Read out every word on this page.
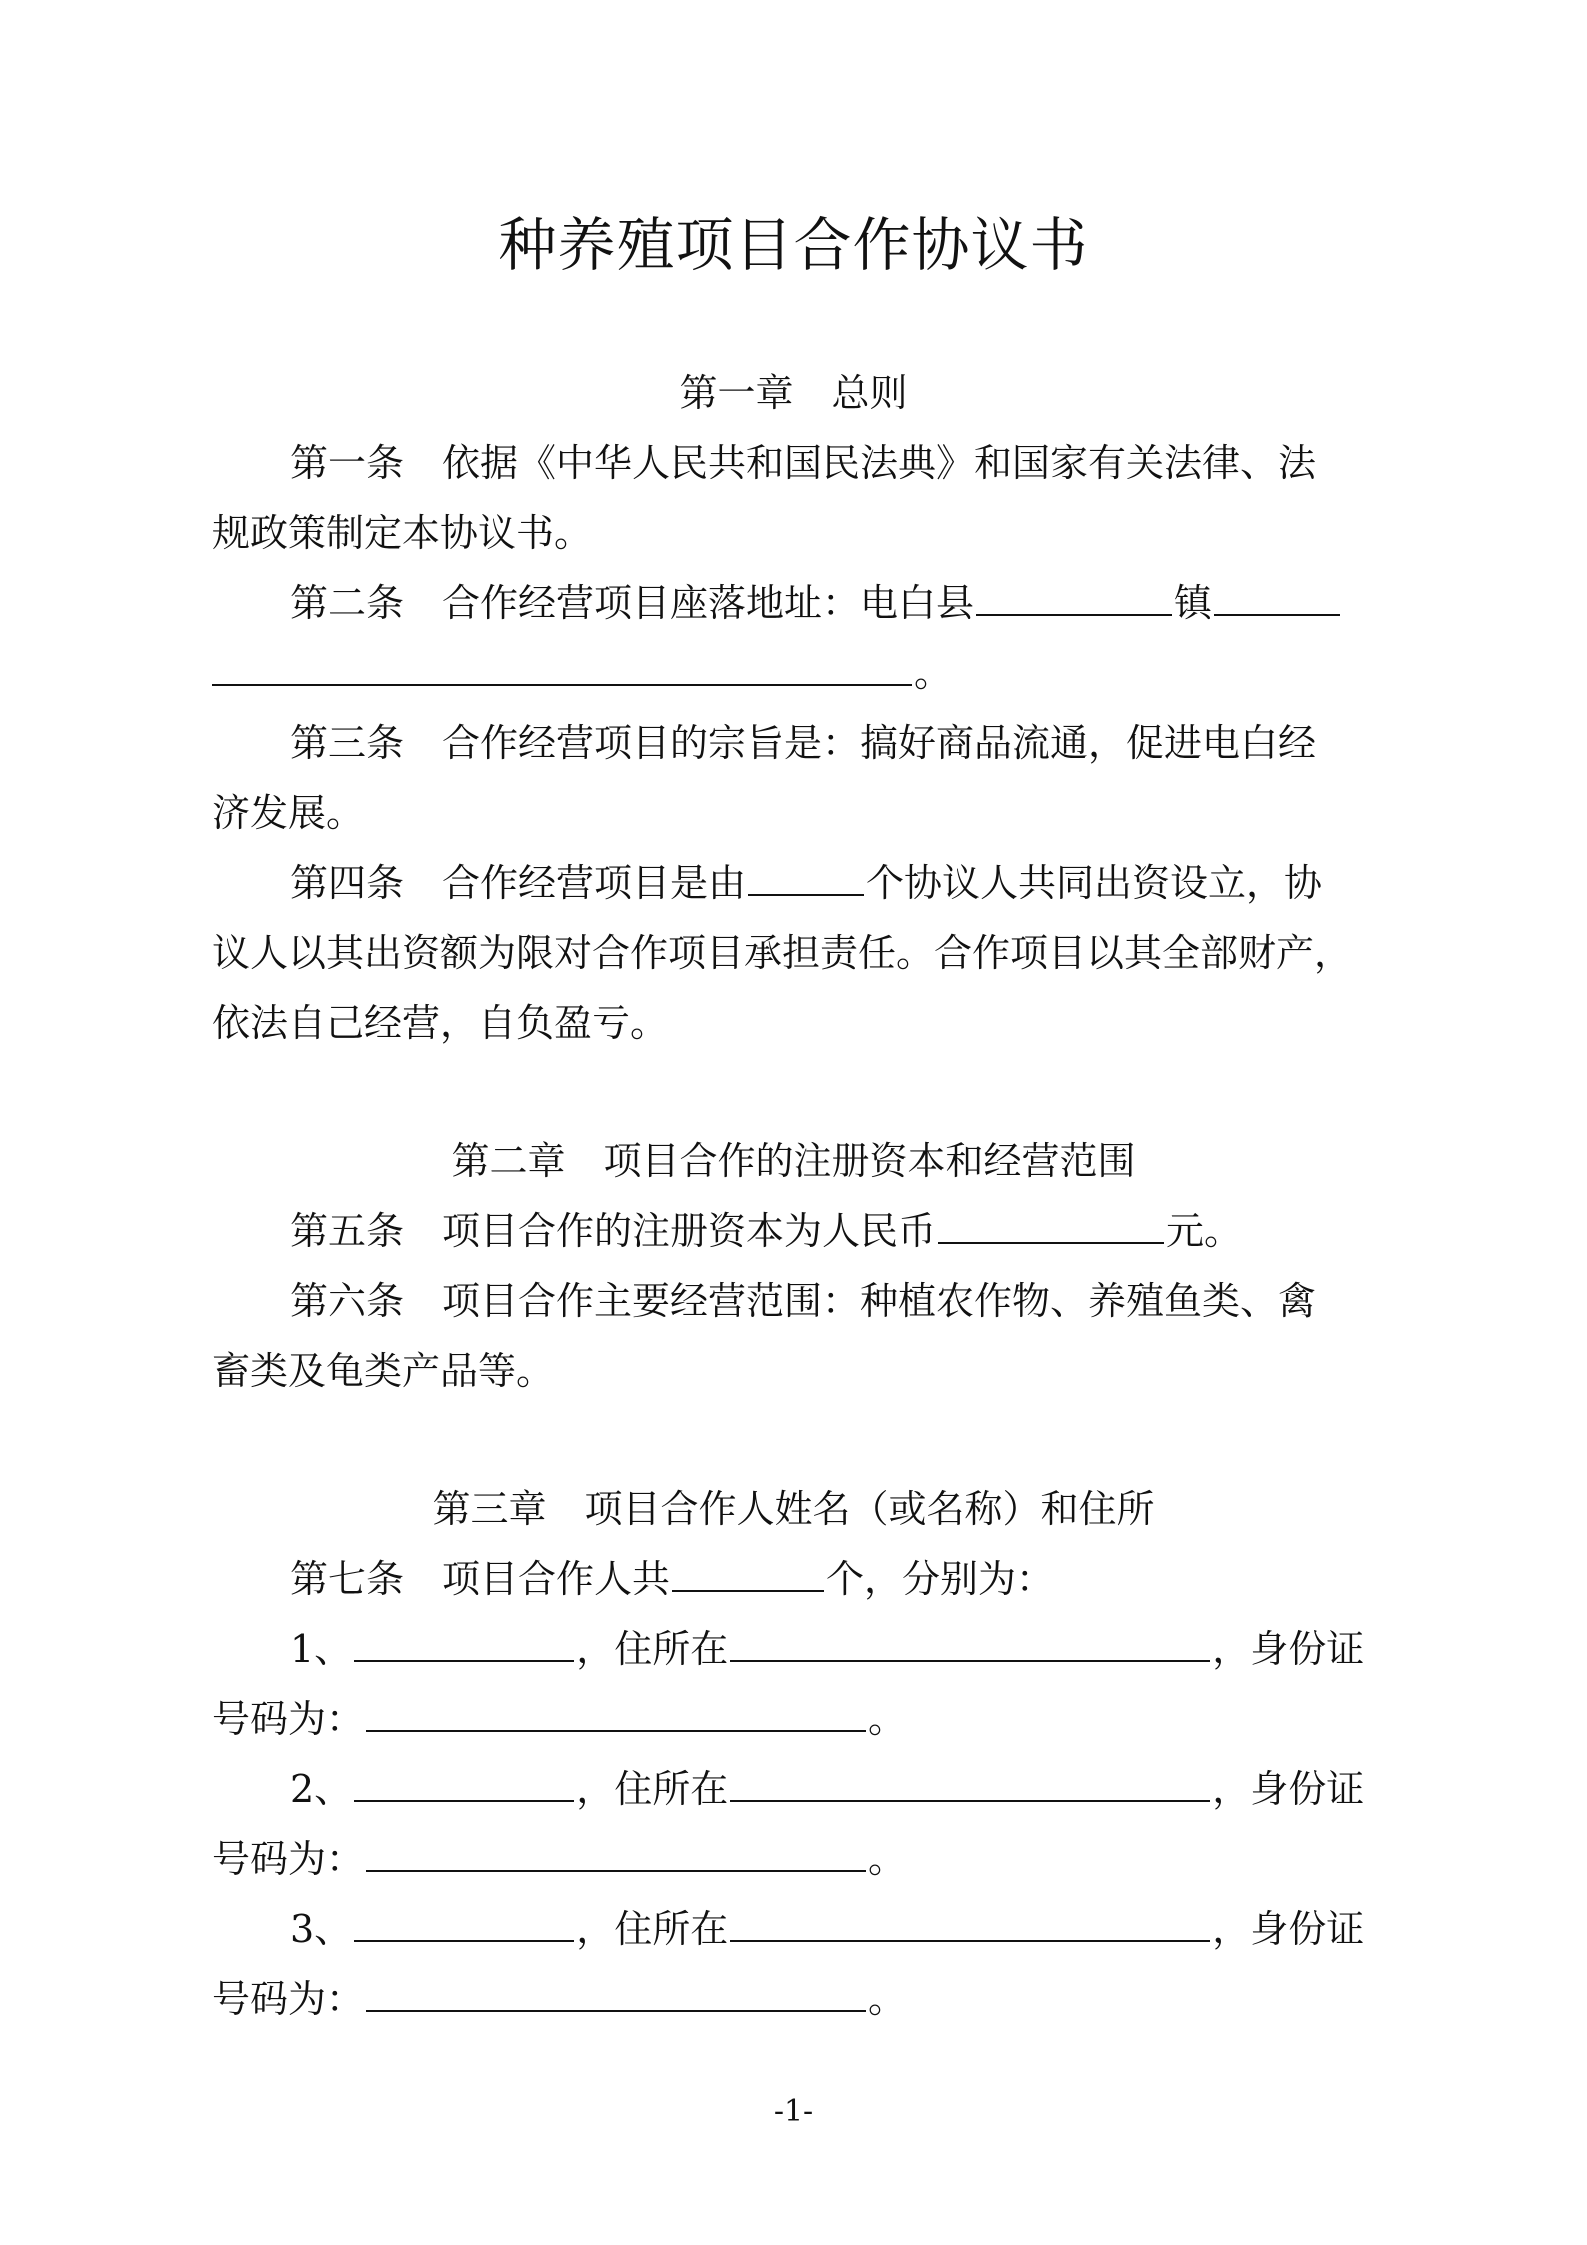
种养殖项目合作协议书
第一章 总则
第一条 依据《中华人民共和国民法典》和国家有关法律、法
规政策制定本协议书。
第二条 合作经营项目座落地址：电白县	镇
。
第三条 合作经营项目的宗旨是：搞好商品流通，促进电白经
济发展。
第四条 合作经营项目是由	个协议人共同出资设立，协
议人以其出资额为限对合作项目承担责任。合作项目以其全部财产，
依法自己经营，自负盈亏。
第二章 项目合作的注册资本和经营范围
第五条 项目合作的注册资本为人民币	元。
第六条 项目合作主要经营范围：种植农作物、养殖鱼类、禽
畜类及龟类产品等。
第三章 项目合作人姓名（或名称）和住所
第七条 项目合作人共	个，分别为：
1、	，住所在	，身份证
号码为：	。
2、	，住所在	，身份证
号码为：	。
3、	，住所在	，身份证
号码为：	。
-1-
